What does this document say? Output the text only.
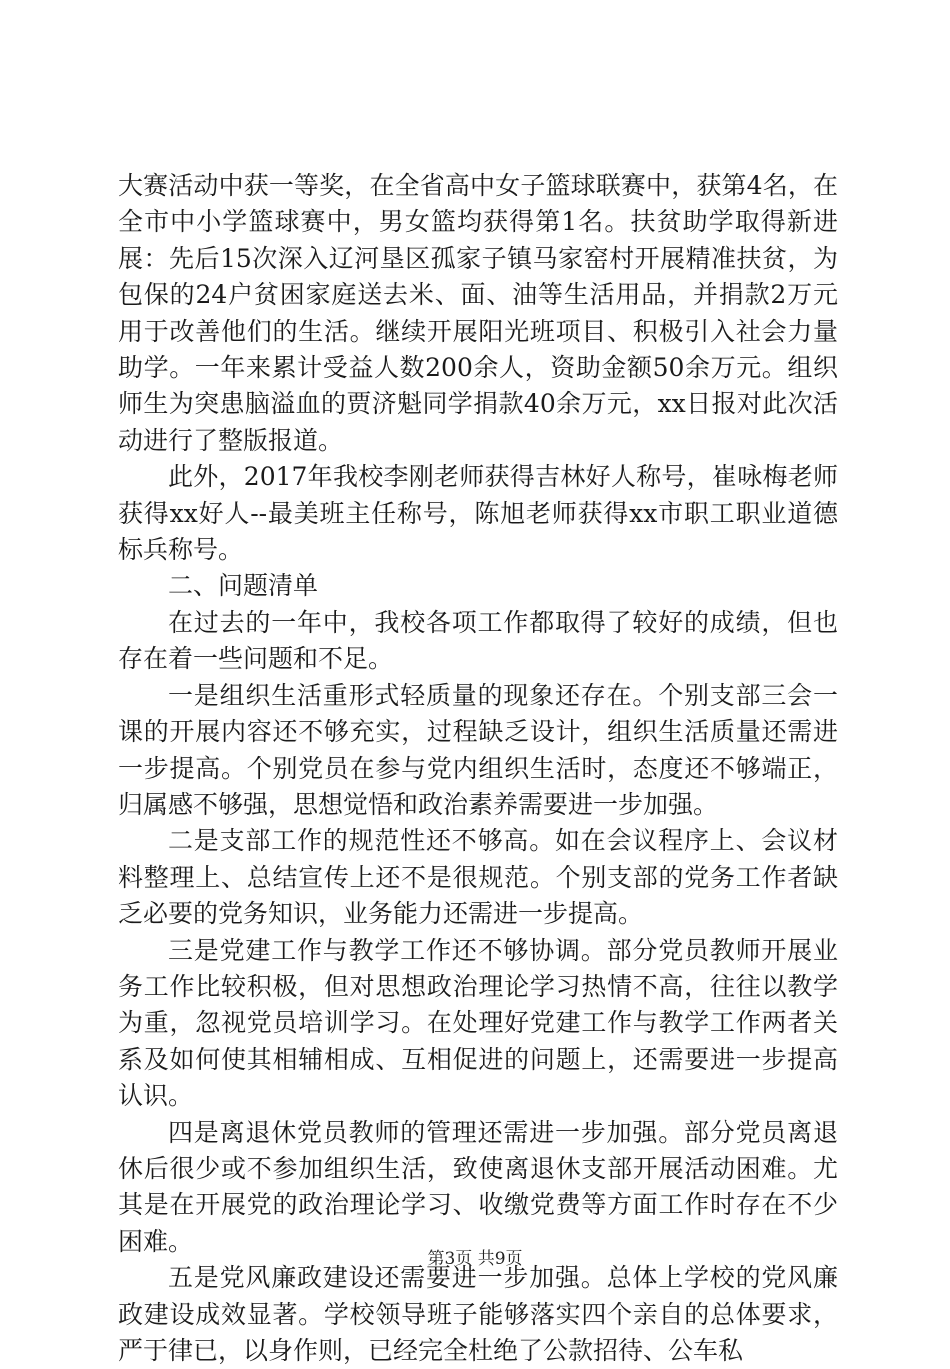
大赛活动中获一等奖，在全省高中女子篮球联赛中，获第4名，在全市中小学篮球赛中，男女篮均获得第1名。扶贫助学取得新进展：先后15次深入辽河垦区孤家子镇马家窑村开展精准扶贫，为包保的24户贫困家庭送去米、面、油等生活用品，并捐款2万元用于改善他们的生活。继续开展阳光班项目、积极引入社会力量助学。一年来累计受益人数200余人，资助金额50余万元。组织师生为突患脑溢血的贾济魁同学捐款40余万元，xx日报对此次活动进行了整版报道。

此外，2017年我校李刚老师获得吉林好人称号，崔咏梅老师获得xx好人--最美班主任称号，陈旭老师获得xx市职工职业道德标兵称号。

二、问题清单

在过去的一年中，我校各项工作都取得了较好的成绩，但也存在着一些问题和不足。

一是组织生活重形式轻质量的现象还存在。个别支部三会一课的开展内容还不够充实，过程缺乏设计，组织生活质量还需进一步提高。个别党员在参与党内组织生活时，态度还不够端正，归属感不够强，思想觉悟和政治素养需要进一步加强。

二是支部工作的规范性还不够高。如在会议程序上、会议材料整理上、总结宣传上还不是很规范。个别支部的党务工作者缺乏必要的党务知识，业务能力还需进一步提高。

三是党建工作与教学工作还不够协调。部分党员教师开展业务工作比较积极，但对思想政治理论学习热情不高，往往以教学为重，忽视党员培训学习。在处理好党建工作与教学工作两者关系及如何使其相辅相成、互相促进的问题上，还需要进一步提高认识。

四是离退休党员教师的管理还需进一步加强。部分党员离退休后很少或不参加组织生活，致使离退休支部开展活动困难。尤其是在开展党的政治理论学习、收缴党费等方面工作时存在不少困难。

五是党风廉政建设还需要进一步加强。总体上学校的党风廉政建设成效显著。学校领导班子能够落实四个亲自的总体要求，严于律已，以身作则，已经完全杜绝了公款招待、公车私

第3页 共9页
